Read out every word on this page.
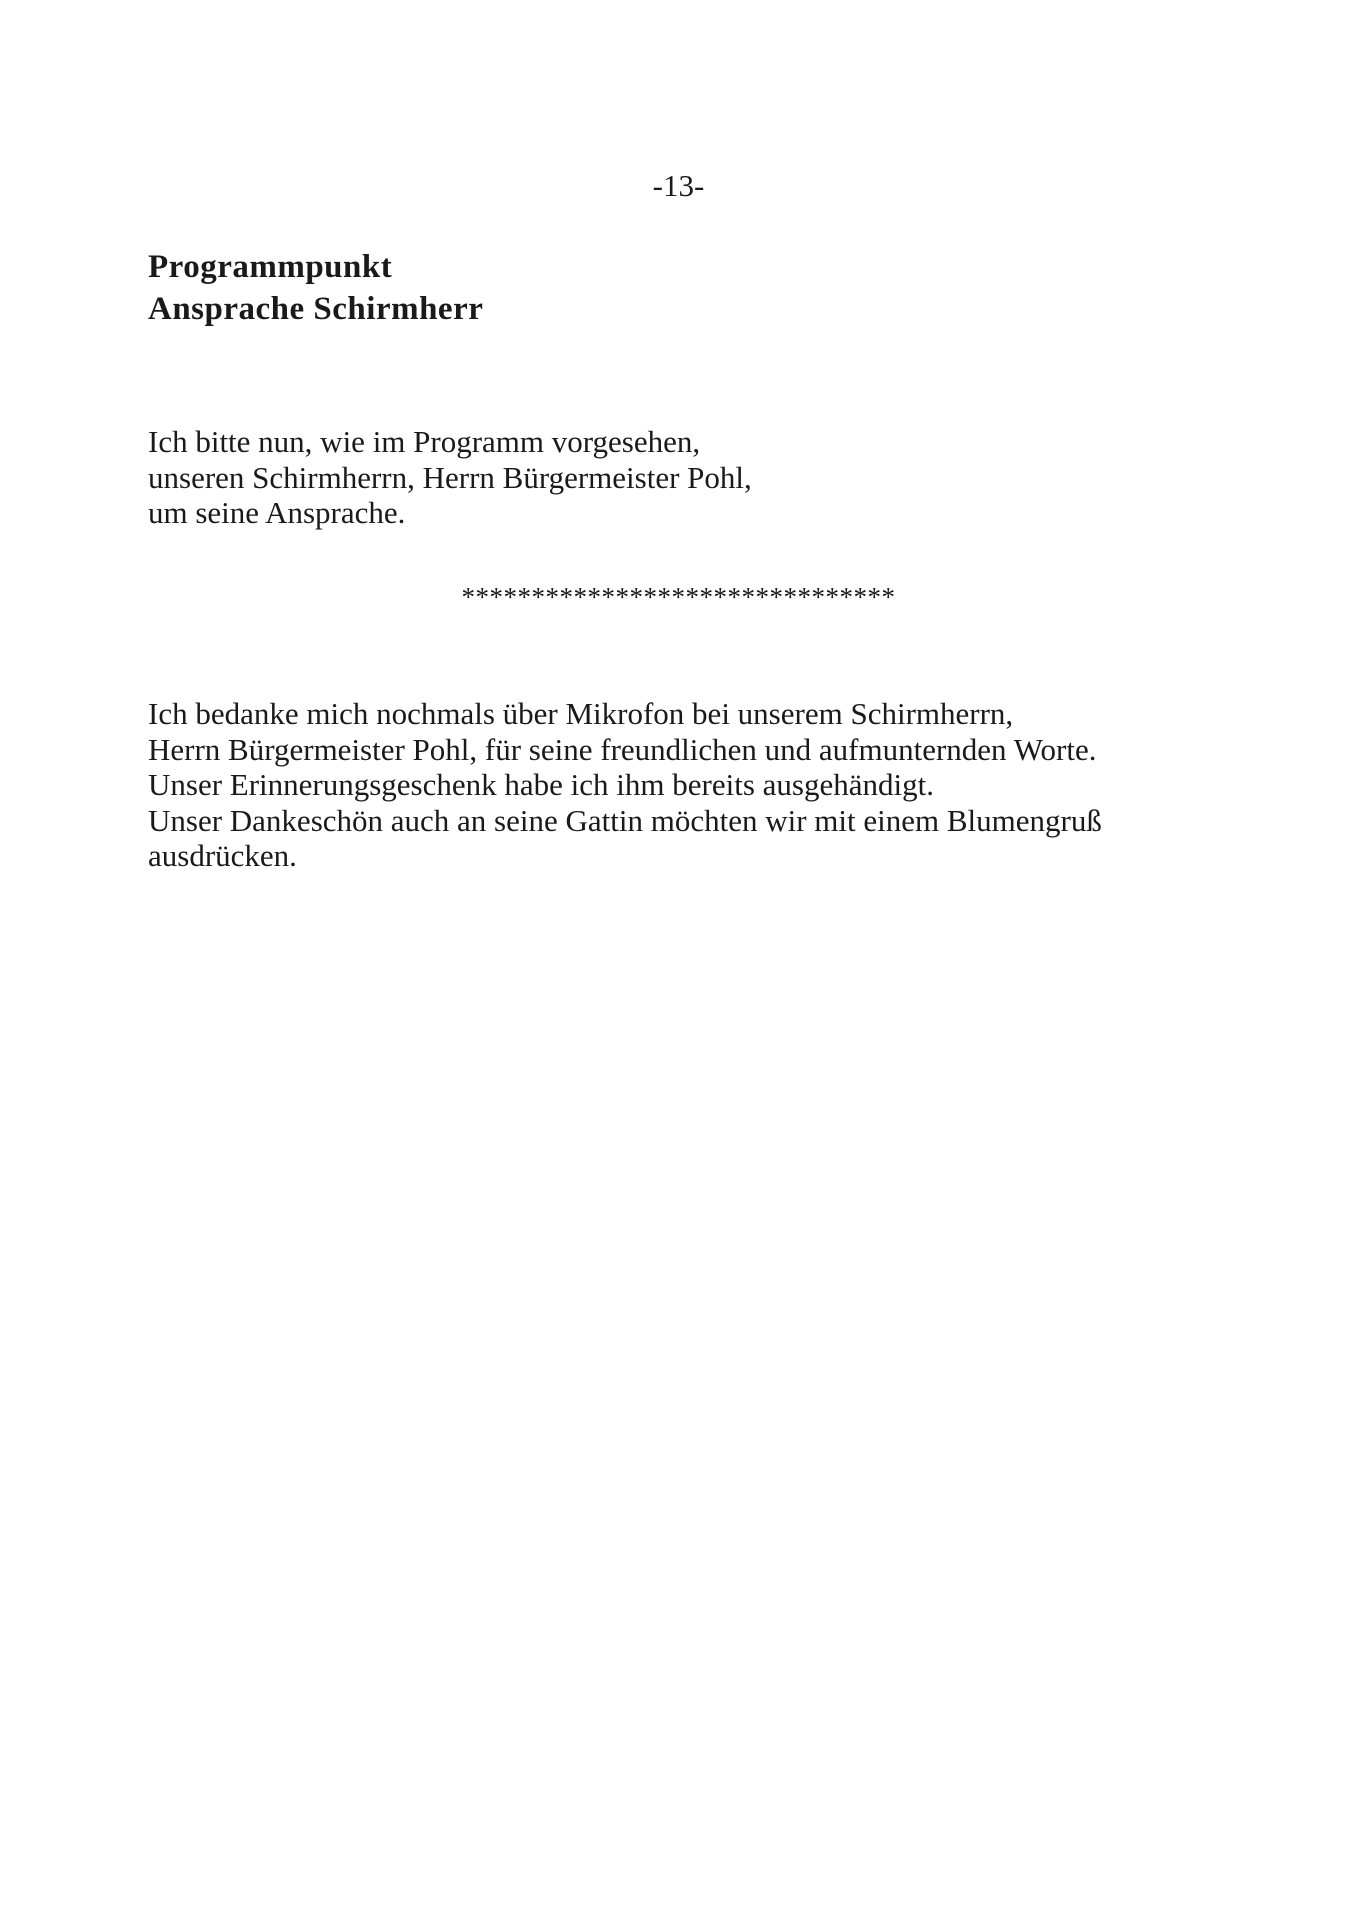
-13-
Programmpunkt
Ansprache Schirmherr
Ich bitte nun, wie im Programm vorgesehen,
unseren Schirmherrn, Herrn Bürgermeister Pohl,
um seine Ansprache.
*******************************
Ich bedanke mich nochmals über Mikrofon bei unserem Schirmherrn,
Herrn Bürgermeister Pohl, für seine freundlichen und aufmunternden Worte.
Unser Erinnerungsgeschenk habe ich ihm bereits ausgehändigt.
Unser Dankeschön auch an seine Gattin möchten wir mit einem Blumengruß
ausdrücken.
